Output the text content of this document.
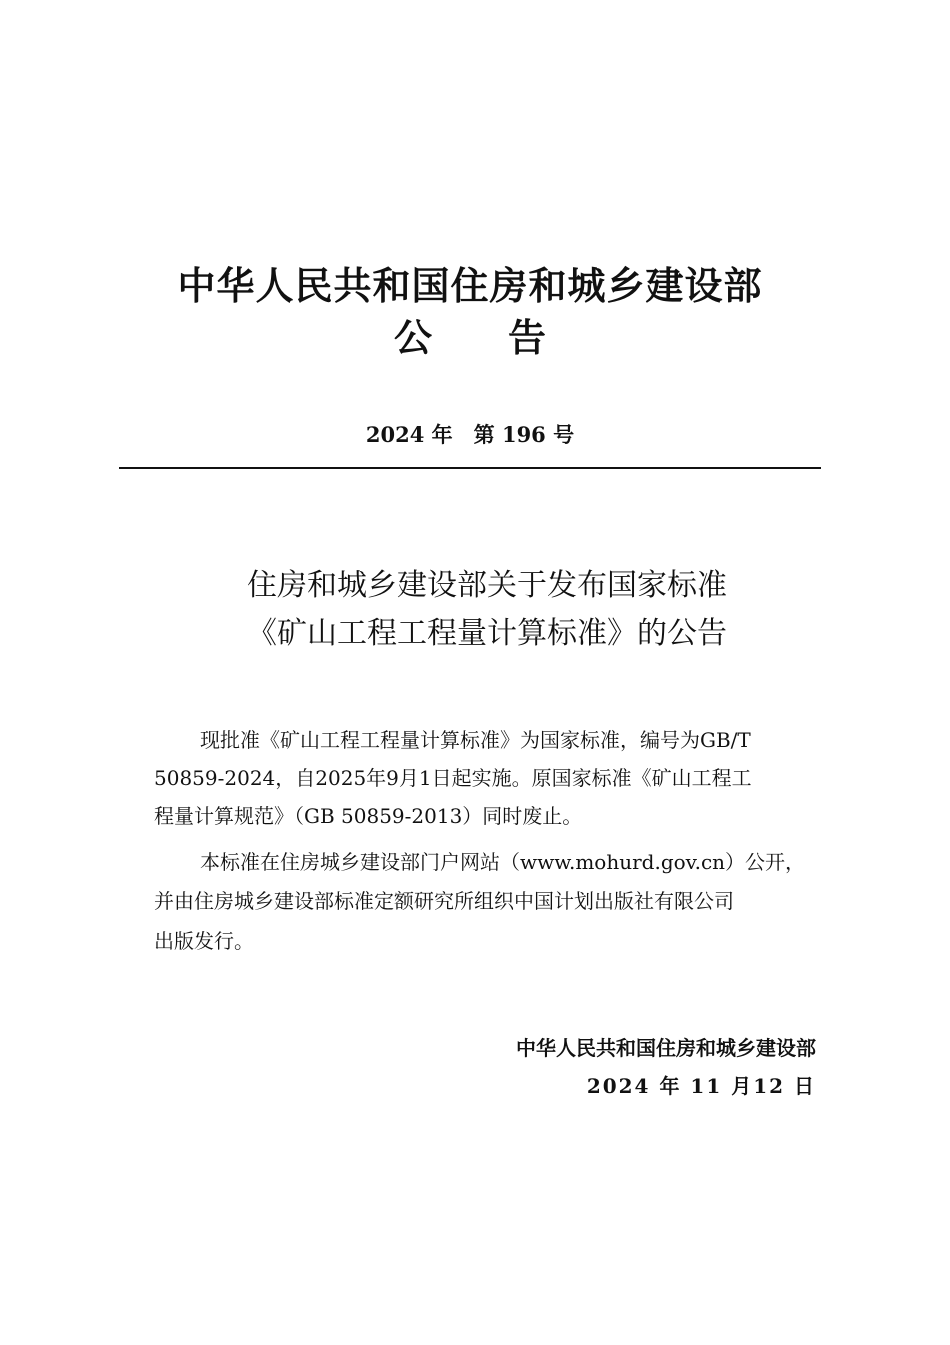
中华人民共和国住房和城乡建设部
公　　告
2024 年　第 196 号
住房和城乡建设部关于发布国家标准
《矿山工程工程量计算标准》的公告
现批准《矿山工程工程量计算标准》为国家标准，编号为GB/T
50859-2024，自2025年9月1日起实施。原国家标准《矿山工程工
程量计算规范》（GB 50859-2013）同时废止。
本标准在住房城乡建设部门户网站（www.mohurd.gov.cn）公开，
并由住房城乡建设部标准定额研究所组织中国计划出版社有限公司
出版发行。
中华人民共和国住房和城乡建设部
2024 年 11 月12 日
